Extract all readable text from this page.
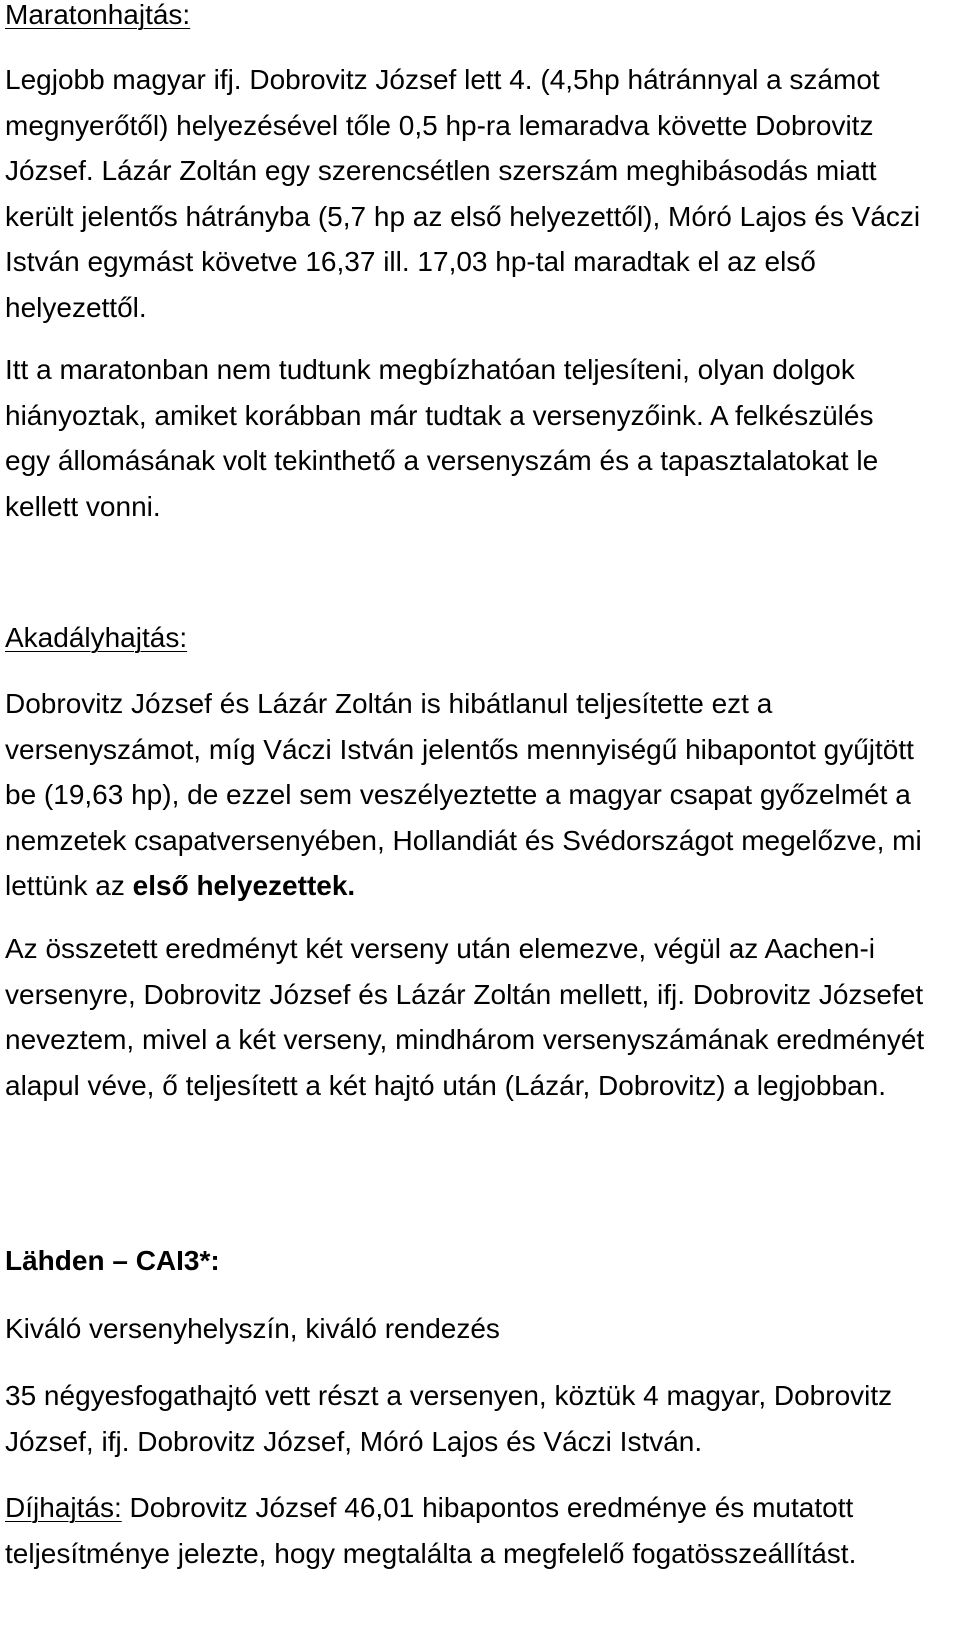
Maratonhajtás:

Legjobb magyar ifj. Dobrovitz József lett 4. (4,5hp hátránnyal a számot megnyerőtől) helyezésével tőle 0,5 hp-ra lemaradva követte Dobrovitz József. Lázár Zoltán egy szerencsétlen szerszám meghibásodás miatt került jelentős hátrányba (5,7 hp az első helyezettől), Móró Lajos és Váczi István egymást követve 16,37 ill. 17,03 hp-tal maradtak el az első helyezettől.

Itt a maratonban nem tudtunk megbízhatóan teljesíteni, olyan dolgok hiányoztak, amiket korábban már tudtak a versenyzőink. A felkészülés egy állomásának volt tekinthető a versenyszám és a tapasztalatokat le kellett vonni.

Akadályhajtás:

Dobrovitz József és Lázár Zoltán is hibátlanul teljesítette ezt a versenyszámot, míg Váczi István jelentős mennyiségű hibapontot gyűjtött be (19,63 hp), de ezzel sem veszélyeztette a magyar csapat győzelmét a nemzetek csapatversenyében, Hollandiát és Svédországot megelőzve, mi lettünk az első helyezettek.

Az összetett eredményt két verseny után elemezve, végül az Aachen-i versenyre, Dobrovitz József és Lázár Zoltán mellett, ifj. Dobrovitz Józsefet neveztem, mivel a két verseny, mindhárom versenyszámának eredményét alapul véve, ő teljesített a két hajtó után (Lázár, Dobrovitz) a legjobban.

Lähden – CAI3*:

Kiváló versenyhelyszín, kiváló rendezés

35 négyesfogathajtó vett részt a versenyen, köztük 4 magyar, Dobrovitz József, ifj. Dobrovitz József, Móró Lajos és Váczi István.

Díjhajtás: Dobrovitz József 46,01 hibapontos eredménye és mutatott teljesítménye jelezte, hogy megtalálta a megfelelő fogatösszeállítást.
